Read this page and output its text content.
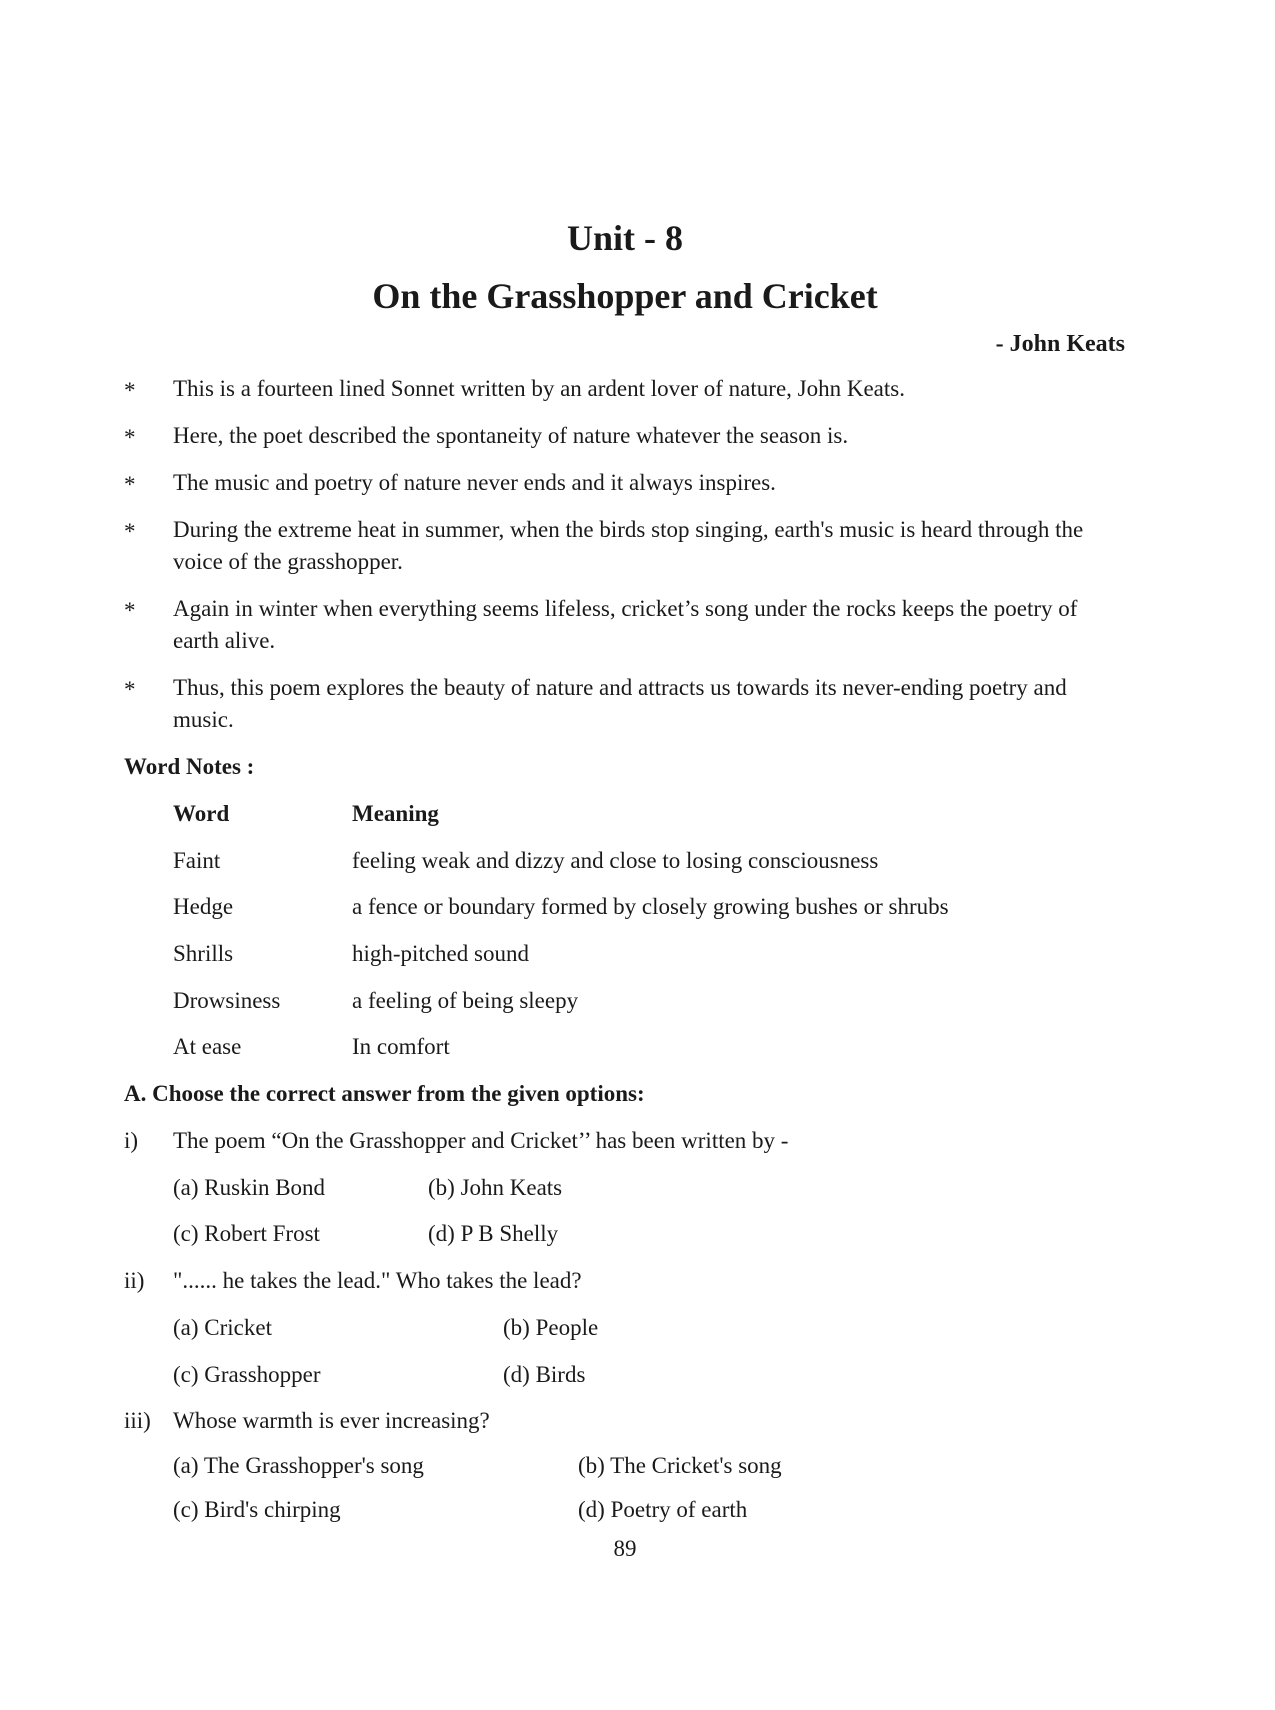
Unit - 8
On the Grasshopper and Cricket
- John Keats
* This is a fourteen lined Sonnet written by an ardent lover of nature, John Keats.
* Here, the poet described the spontaneity of nature whatever the season is.
* The music and poetry of nature never ends and it always inspires.
* During the extreme heat in summer, when the birds stop singing, earth's music is heard through the voice of the grasshopper.
* Again in winter when everything seems lifeless, cricket’s song under the rocks keeps the poetry of earth alive.
* Thus, this poem explores the beauty of nature and attracts us towards its never-ending poetry and music.
Word Notes :
Word	Meaning
Faint	feeling weak and dizzy and close to losing consciousness
Hedge	a fence or boundary formed by closely growing bushes or shrubs
Shrills	high-pitched sound
Drowsiness	a feeling of being sleepy
At ease	In comfort
A. Choose the correct answer from the given options:
i) The poem “On the Grasshopper and Cricket’’ has been written by -
(a) Ruskin Bond	(b) John Keats
(c) Robert Frost	(d) P B Shelly
ii) "...... he takes the lead." Who takes the lead?
(a) Cricket	(b) People
(c) Grasshopper	(d) Birds
iii) Whose warmth is ever increasing?
(a) The Grasshopper's song	(b) The Cricket's song
(c) Bird's chirping	(d) Poetry of earth
89
